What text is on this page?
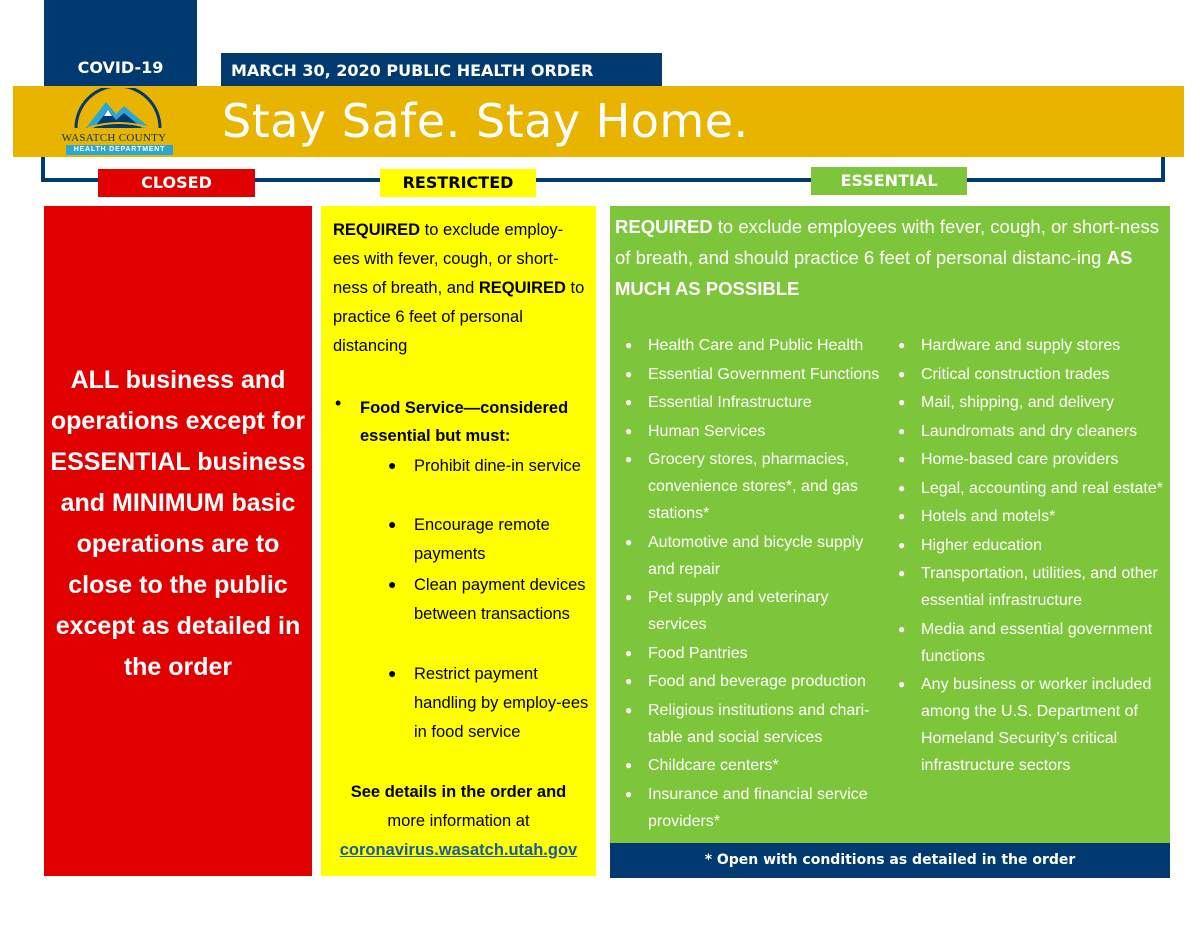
COVID-19	MARCH 30, 2020 PUBLIC HEALTH ORDER
Stay Safe. Stay Home.
WASATCH COUNTY
HEALTH DEPARTMENT
CLOSED	RESTRICTED	ESSENTIAL
ALL business and operations except for ESSENTIAL business and MINIMUM basic operations are to close to the public except as detailed in the order
REQUIRED to exclude employ-ees with fever, cough, or short-ness of breath, and REQUIRED to practice 6 feet of personal distancing
• Food Service—considered essential but must:
● Prohibit dine-in service
● Encourage remote payments
● Clean payment devices between transactions
● Restrict payment handling by employ-ees in food service
See details in the order and
more information at
coronavirus.wasatch.utah.gov
REQUIRED to exclude employees with fever, cough, or short-ness of breath, and should practice 6 feet of personal distanc-ing AS MUCH AS POSSIBLE
● Health Care and Public Health
● Essential Government Functions
● Essential Infrastructure
● Human Services
● Grocery stores, pharmacies, convenience stores*, and gas stations*
● Automotive and bicycle supply and repair
● Pet supply and veterinary services
● Food Pantries
● Food and beverage production
● Religious institutions and chari-table and social services
● Childcare centers*
● Insurance and financial service providers*
● Hardware and supply stores
● Critical construction trades
● Mail, shipping, and delivery
● Laundromats and dry cleaners
● Home-based care providers
● Legal, accounting and real estate*
● Hotels and motels*
● Higher education
● Transportation, utilities, and other essential infrastructure
● Media and essential government functions
● Any business or worker included among the U.S. Department of Homeland Security’s critical infrastructure sectors
* Open with conditions as detailed in the order
